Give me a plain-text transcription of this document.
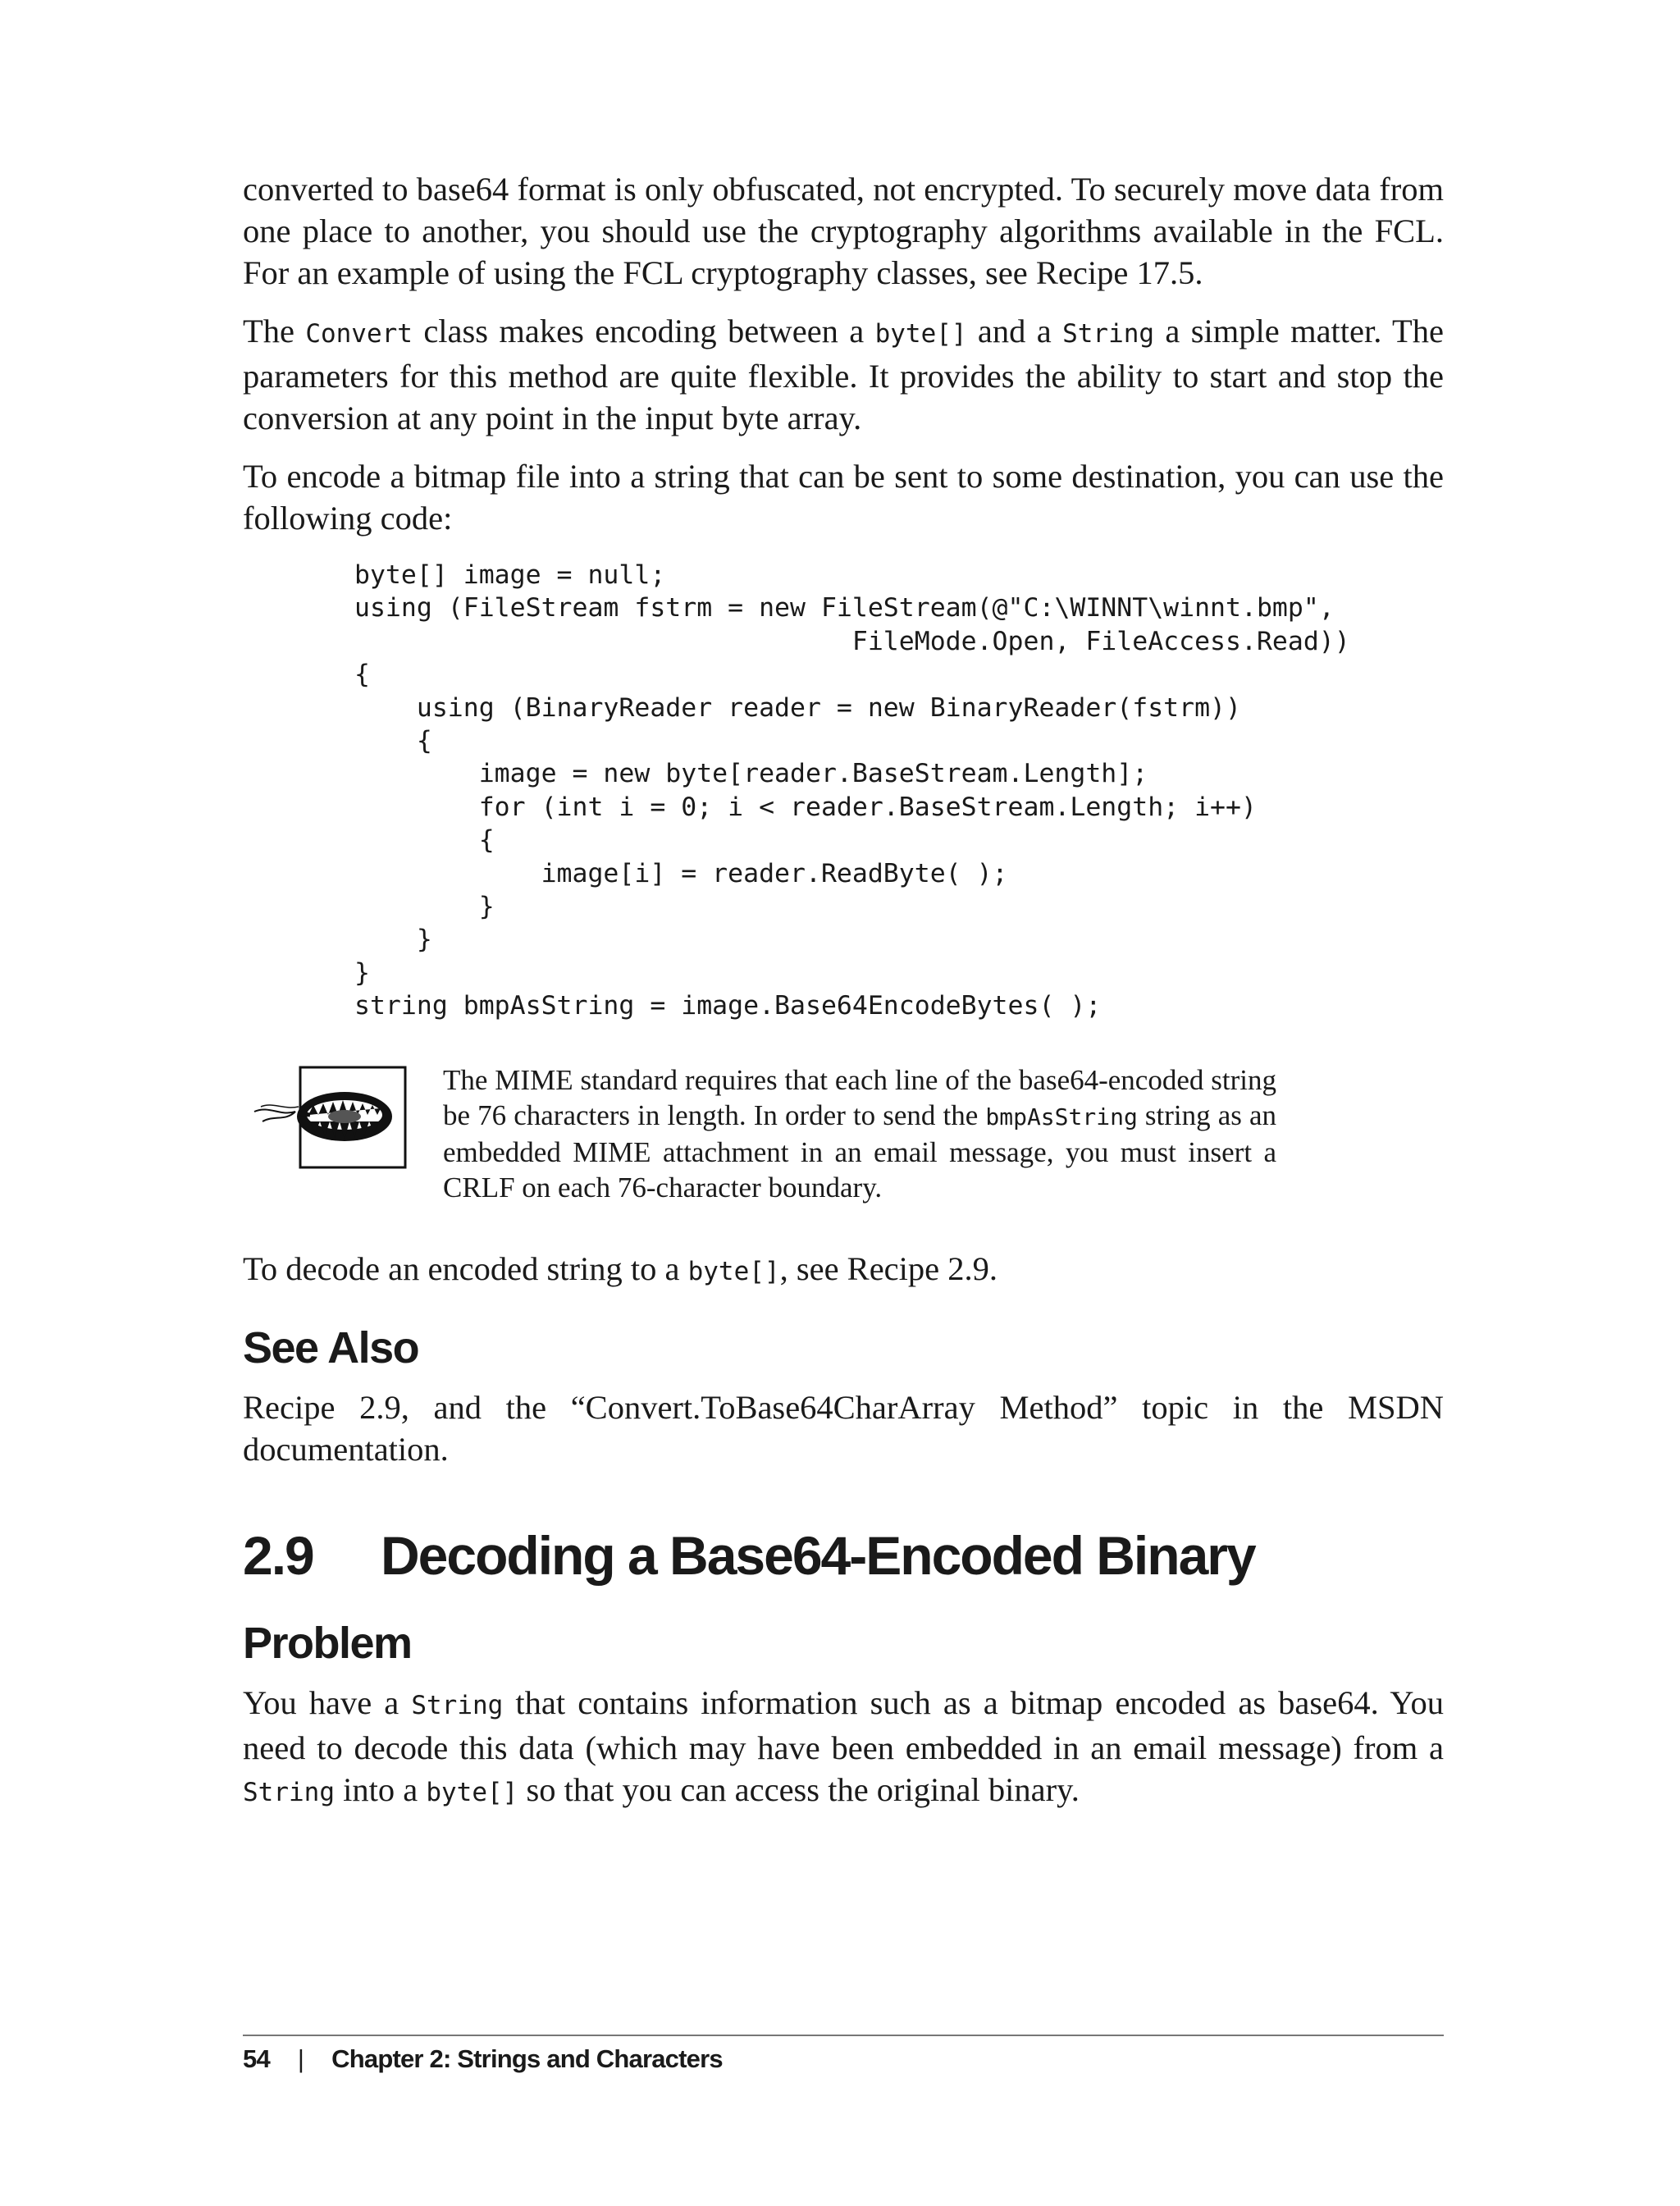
converted to base64 format is only obfuscated, not encrypted. To securely move data from one place to another, you should use the cryptography algorithms available in the FCL. For an example of using the FCL cryptography classes, see Recipe 17.5.

The Convert class makes encoding between a byte[] and a String a simple matter. The parameters for this method are quite flexible. It provides the ability to start and stop the conversion at any point in the input byte array.

To encode a bitmap file into a string that can be sent to some destination, you can use the following code:

byte[] image = null;
using (FileStream fstrm = new FileStream(@"C:\WINNT\winnt.bmp",
FileMode.Open, FileAccess.Read))
{
using (BinaryReader reader = new BinaryReader(fstrm))
{
image = new byte[reader.BaseStream.Length];
for (int i = 0; i < reader.BaseStream.Length; i++)
{
image[i] = reader.ReadByte( );
}
}
}
string bmpAsString = image.Base64EncodeBytes( );
The MIME standard requires that each line of the base64-encoded string be 76 characters in length. In order to send the bmpAsString string as an embedded MIME attachment in an email message, you must insert a CRLF on each 76-character boundary.

To decode an encoded string to a byte[], see Recipe 2.9.

See Also

Recipe 2.9, and the “Convert.ToBase64CharArray Method” topic in the MSDN documentation.

2.9 Decoding a Base64-Encoded Binary
Problem

You have a String that contains information such as a bitmap encoded as base64. You need to decode this data (which may have been embedded in an email message) from a String into a byte[] so that you can access the original binary.

54 | Chapter 2: Strings and Characters
